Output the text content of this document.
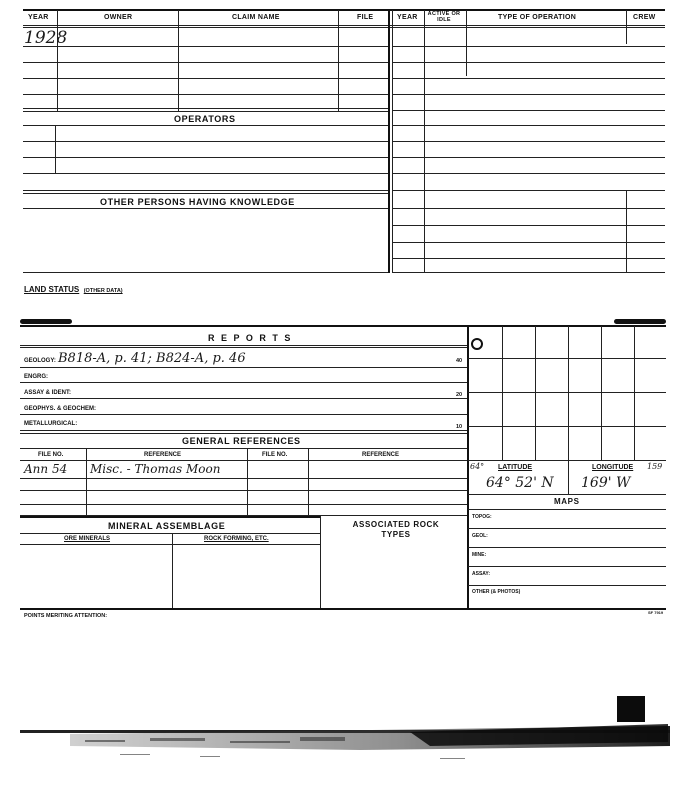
YEAR	OWNER	CLAIM NAME	FILE	YEAR	ACTIVE OR IDLE	TYPE OF OPERATION	CREW
1928
OPERATORS
OTHER PERSONS HAVING KNOWLEDGE
LAND STATUS (OTHER DATA)
R E P O R T S
GEOLOGY: B818-A, p. 41; B824-A, p. 46	40
ENGRG:
ASSAY & IDENT:	20
GEOPHYS. & GEOCHEM:
METALLURGICAL:	10
GENERAL REFERENCES
FILE NO.	REFERENCE	FILE NO.	REFERENCE
Ann 54 Misc. - Thomas Moon
MINERAL ASSEMBLAGE
ORE MINERALS	ROCK FORMING, ETC.
ASSOCIATED ROCK TYPES
64° LATITUDE	LONGITUDE 159
64° 52' N 169' W
MAPS
TOPOG:
GEOL:
MINE:
ASSAY:
OTHER (& PHOTOS)
POINTS MERITING ATTENTION:
SF 7919
